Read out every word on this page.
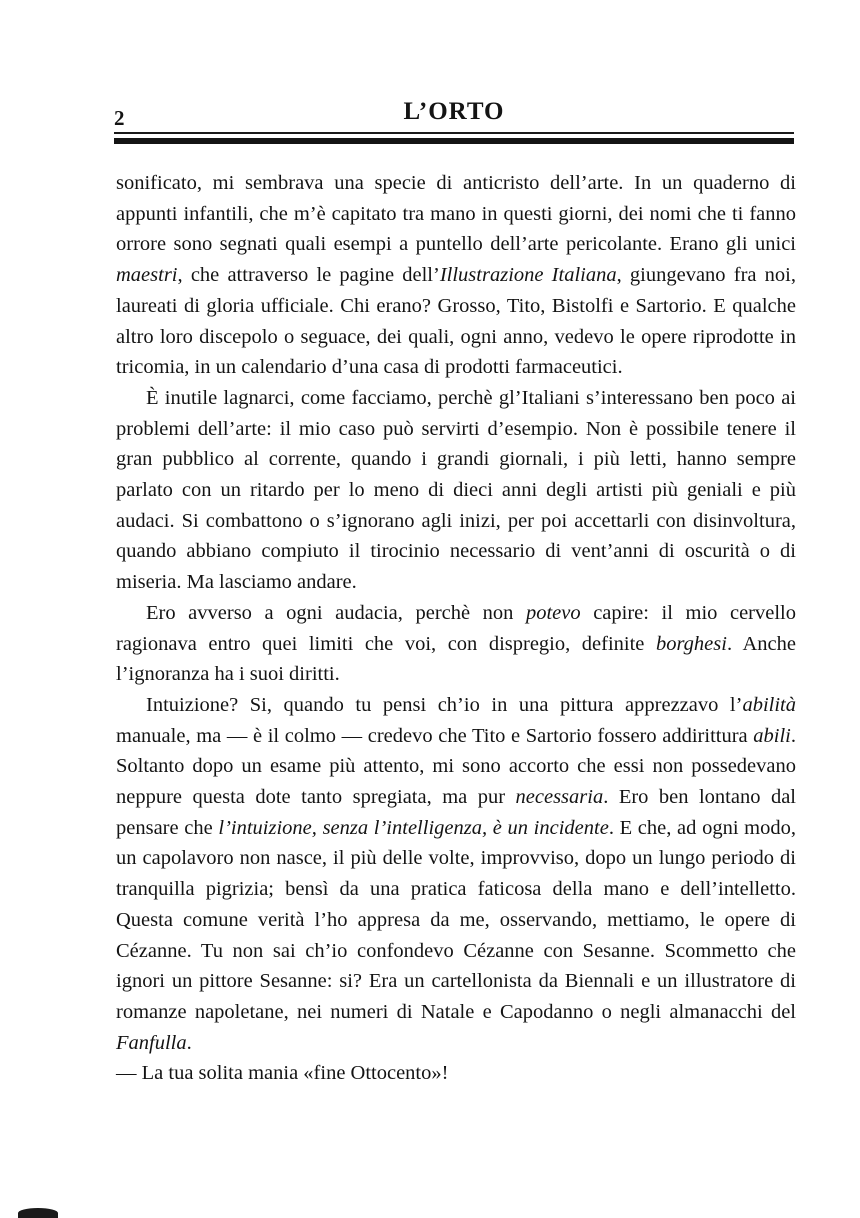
2	L’ORTO

sonificato, mi sembrava una specie di anticristo dell’arte. In un quaderno di appunti infantili, che m’è capitato tra mano in questi giorni, dei nomi che ti fanno orrore sono segnati quali esempi a puntello dell’arte pericolante. Erano gli unici maestri, che attraverso le pagine dell’Illustrazione Italiana, giungevano fra noi, laureati di gloria ufficiale. Chi erano? Grosso, Tito, Bistolfi e Sartorio. E qualche altro loro discepolo o seguace, dei quali, ogni anno, vedevo le opere riprodotte in tricomia, in un calendario d’una casa di prodotti farmaceutici.

È inutile lagnarci, come facciamo, perchè gl’Italiani s’interessano ben poco ai problemi dell’arte: il mio caso può servirti d’esempio. Non è possibile tenere il gran pubblico al corrente, quando i grandi giornali, i più letti, hanno sempre parlato con un ritardo per lo meno di dieci anni degli artisti più geniali e più audaci. Si combattono o s’ignorano agli inizi, per poi accettarli con disinvoltura, quando abbiano compiuto il tirocinio necessario di vent’anni di oscurità o di miseria. Ma lasciamo andare.

Ero avverso a ogni audacia, perchè non potevo capire: il mio cervello ragionava entro quei limiti che voi, con dispregio, definite borghesi. Anche l’ignoranza ha i suoi diritti.

Intuizione? Si, quando tu pensi ch’io in una pittura apprezzavo l’abilità manuale, ma — è il colmo — credevo che Tito e Sartorio fossero addirittura abili. Soltanto dopo un esame più attento, mi sono accorto che essi non possedevano neppure questa dote tanto spregiata, ma pur necessaria. Ero ben lontano dal pensare che l’intuizione, senza l’intelligenza, è un incidente. E che, ad ogni modo, un capolavoro non nasce, il più delle volte, improvviso, dopo un lungo periodo di tranquilla pigrizia; bensì da una pratica faticosa della mano e dell’intelletto. Questa comune verità l’ho appresa da me, osservando, mettiamo, le opere di Cézanne. Tu non sai ch’io confondevo Cézanne con Sesanne. Scommetto che ignori un pittore Sesanne: si? Era un cartellonista da Biennali e un illustratore di romanze napoletane, nei numeri di Natale e Capodanno o negli almanacchi del Fanfulla.

— La tua solita mania «fine Ottocento»!
